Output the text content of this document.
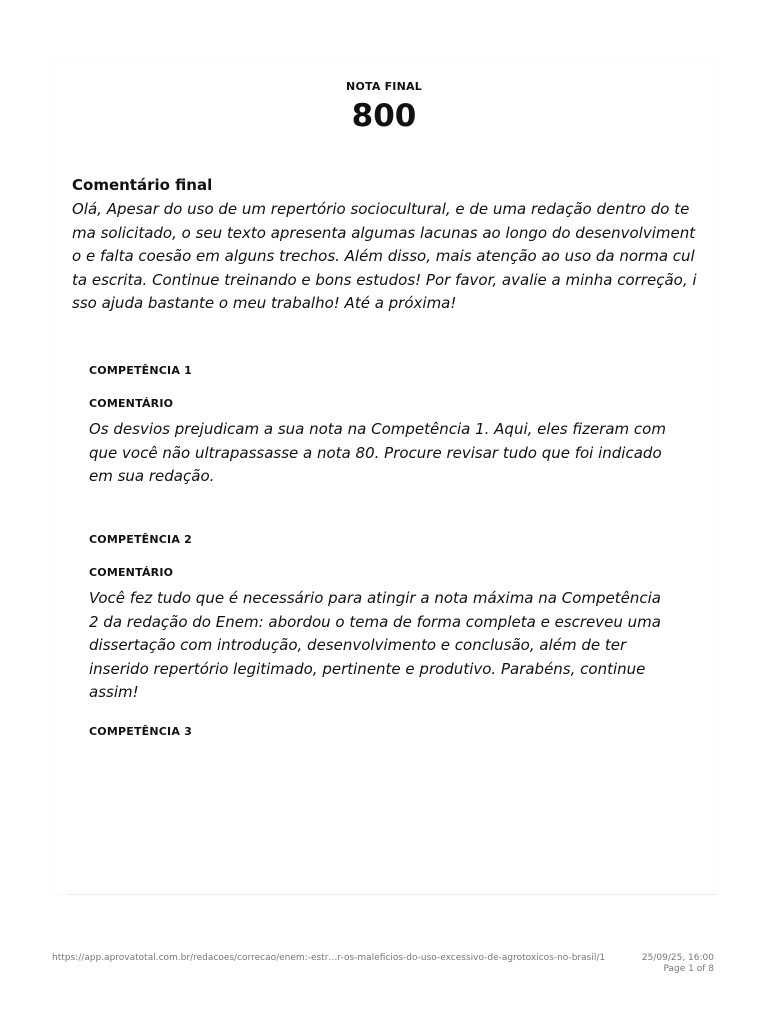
NOTA FINAL
800
Comentário final
Olá, Apesar do uso de um repertório sociocultural, e de uma redação dentro do tema solicitado, o seu texto apresenta algumas lacunas ao longo do desenvolvimento e falta coesão em alguns trechos. Além disso, mais atenção ao uso da norma culta escrita. Continue treinando e bons estudos! Por favor, avalie a minha correção, isso ajuda bastante o meu trabalho! Até a próxima!
COMPETÊNCIA 1
COMENTÁRIO
Os desvios prejudicam a sua nota na Competência 1. Aqui, eles fizeram com que você não ultrapassasse a nota 80. Procure revisar tudo que foi indicado em sua redação.
COMPETÊNCIA 2
COMENTÁRIO
Você fez tudo que é necessário para atingir a nota máxima na Competência 2 da redação do Enem: abordou o tema de forma completa e escreveu uma dissertação com introdução, desenvolvimento e conclusão, além de ter inserido repertório legitimado, pertinente e produtivo. Parabéns, continue assim!
COMPETÊNCIA 3
https://app.aprovatotal.com.br/redacoes/correcao/enem:-estr…r-os-maleficios-do-uso-excessivo-de-agrotoxicos-no-brasil/1	25/09/25, 16:00
Page 1 of 8
